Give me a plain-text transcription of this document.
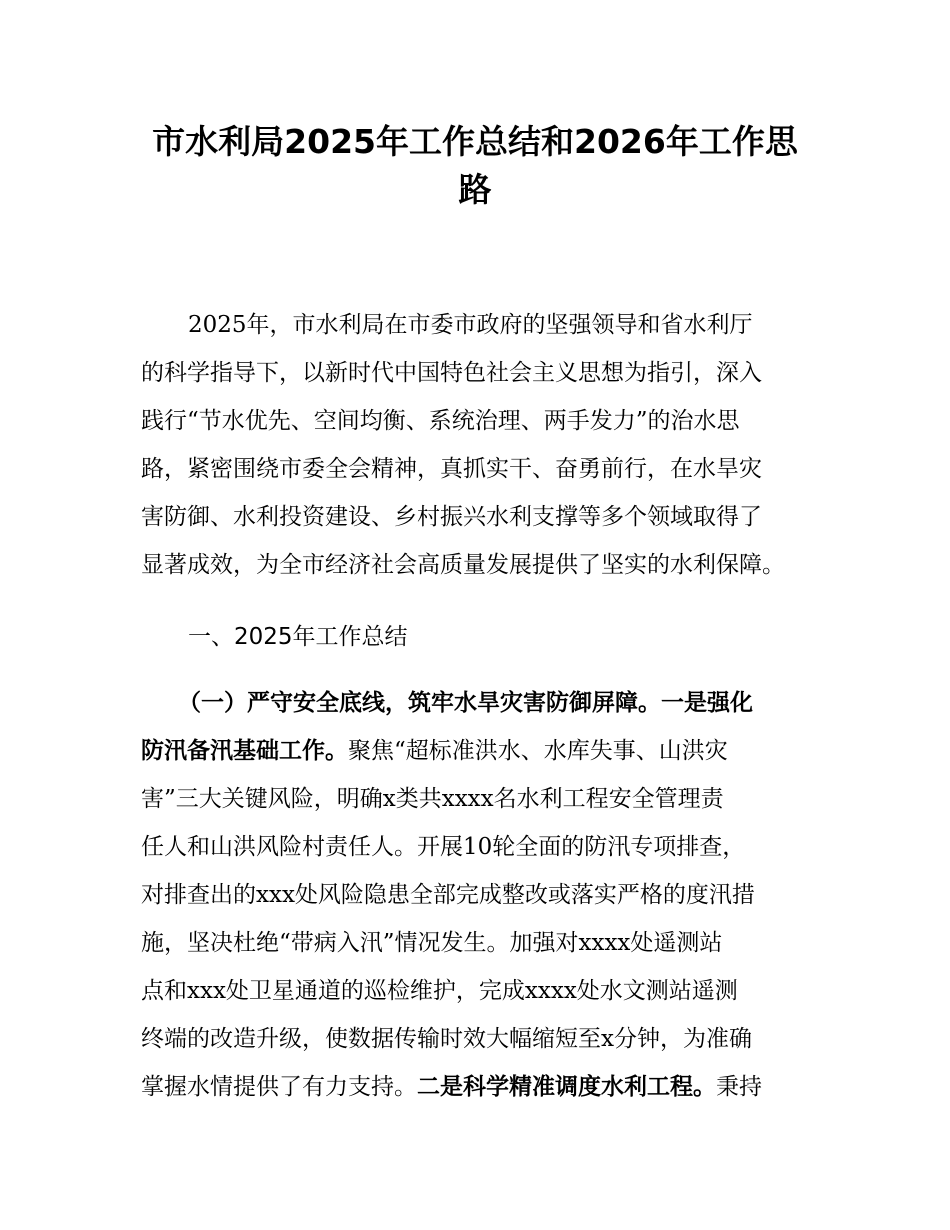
市水利局2025年工作总结和2026年工作思
路
2025年，市水利局在市委市政府的坚强领导和省水利厅
的科学指导下，以新时代中国特色社会主义思想为指引，深入
践行“节水优先、空间均衡、系统治理、两手发力”的治水思
路，紧密围绕市委全会精神，真抓实干、奋勇前行，在水旱灾
害防御、水利投资建设、乡村振兴水利支撑等多个领域取得了
显著成效，为全市经济社会高质量发展提供了坚实的水利保障。
一、2025年工作总结
（一）严守安全底线，筑牢水旱灾害防御屏障。一是强化
防汛备汛基础工作。聚焦“超标准洪水、水库失事、山洪灾
害”三大关键风险，明确x类共xxxx名水利工程安全管理责
任人和山洪风险村责任人。开展10轮全面的防汛专项排查，
对排查出的xxx处风险隐患全部完成整改或落实严格的度汛措
施，坚决杜绝“带病入汛”情况发生。加强对xxxx处遥测站
点和xxx处卫星通道的巡检维护，完成xxxx处水文测站遥测
终端的改造升级，使数据传输时效大幅缩短至x分钟，为准确
掌握水情提供了有力支持。二是科学精准调度水利工程。秉持
